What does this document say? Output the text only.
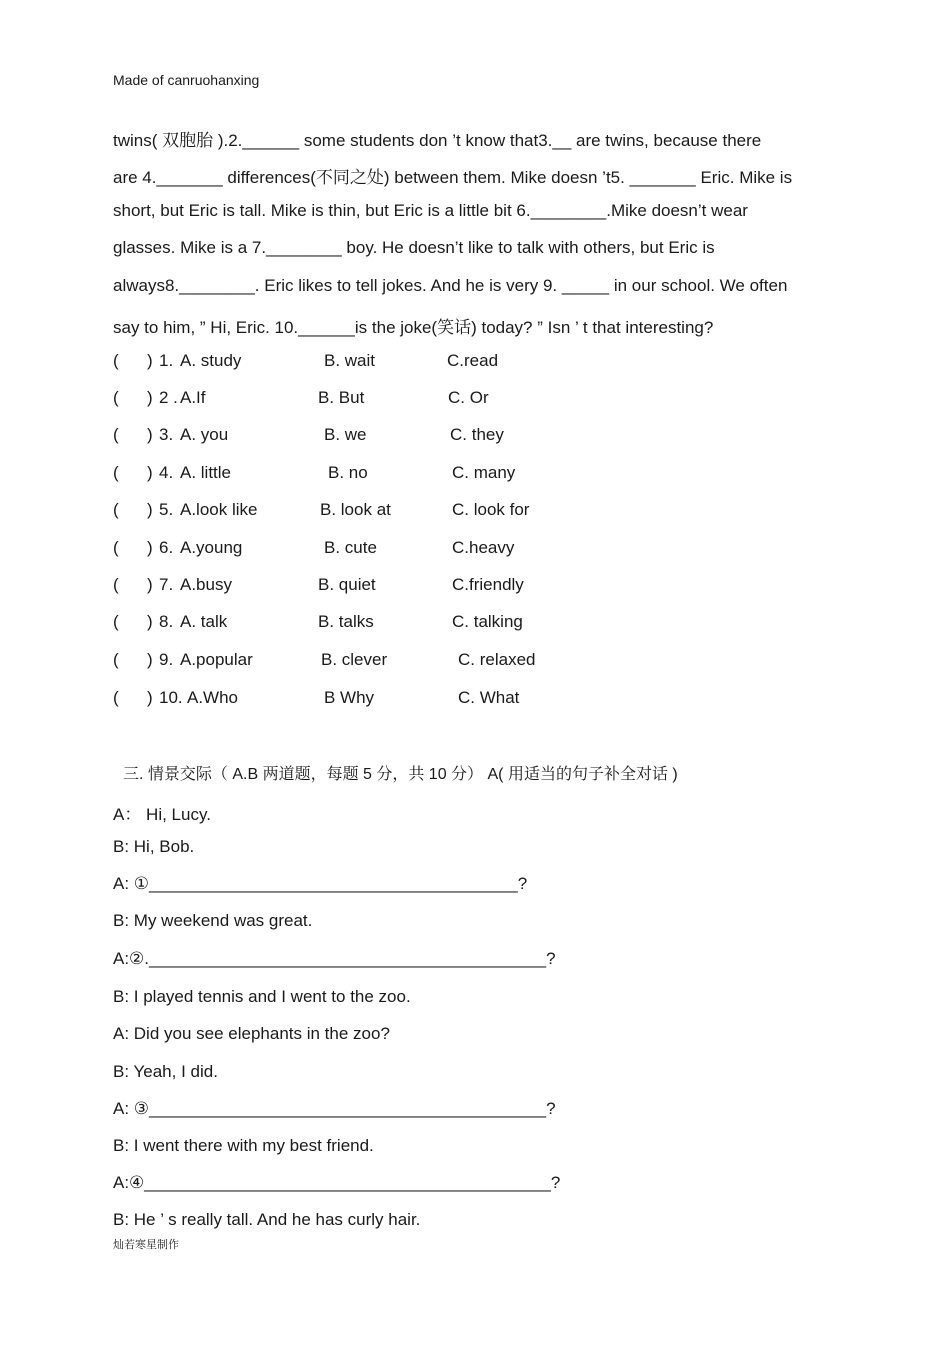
Made of canruohanxing
twins( 双胞胎 ).2.______ some students don ’t know that3.__ are twins, because there
are 4._______ differences(不同之处) between them. Mike doesn ’t5. _______ Eric. Mike is
short, but Eric is tall. Mike is thin, but Eric is a little bit 6.________.Mike doesn’t wear
glasses. Mike is a 7.________ boy. He doesn’t like to talk with others, but Eric is
always8.________. Eric likes to tell jokes. And he is very 9. _____ in our school. We often
say to him, ” Hi, Eric. 10.______is the joke(笑话) today? ” Isn ’ t that interesting?
( ) 1. A. study	B. wait	C.read
( ) 2 . A.If	B. But	C. Or
( ) 3. A. you	B. we	C. they
( ) 4. A. little	B. no	C. many
( ) 5. A.look like	B. look at	C. look for
( ) 6. A.young	B. cute	C.heavy
( ) 7. A.busy	B. quiet	C.friendly
( ) 8. A. talk	B. talks	C. talking
( ) 9. A.popular	B. clever	C. relaxed
( ) 10. A.Who	B Why	C. What
三. 情景交际（ A.B 两道题，每题 5 分，共 10 分） A( 用适当的句子补全对话 )
A： Hi, Lucy.
B: Hi, Bob.
A: ①_______________________________________?
B: My weekend was great.
A:②.__________________________________________?
B: I played tennis and I went to the zoo.
A: Did you see elephants in the zoo?
B: Yeah, I did.
A: ③__________________________________________?
B: I went there with my best friend.
A:④___________________________________________?
B: He ’ s really tall. And he has curly hair.
灿若寒星制作
